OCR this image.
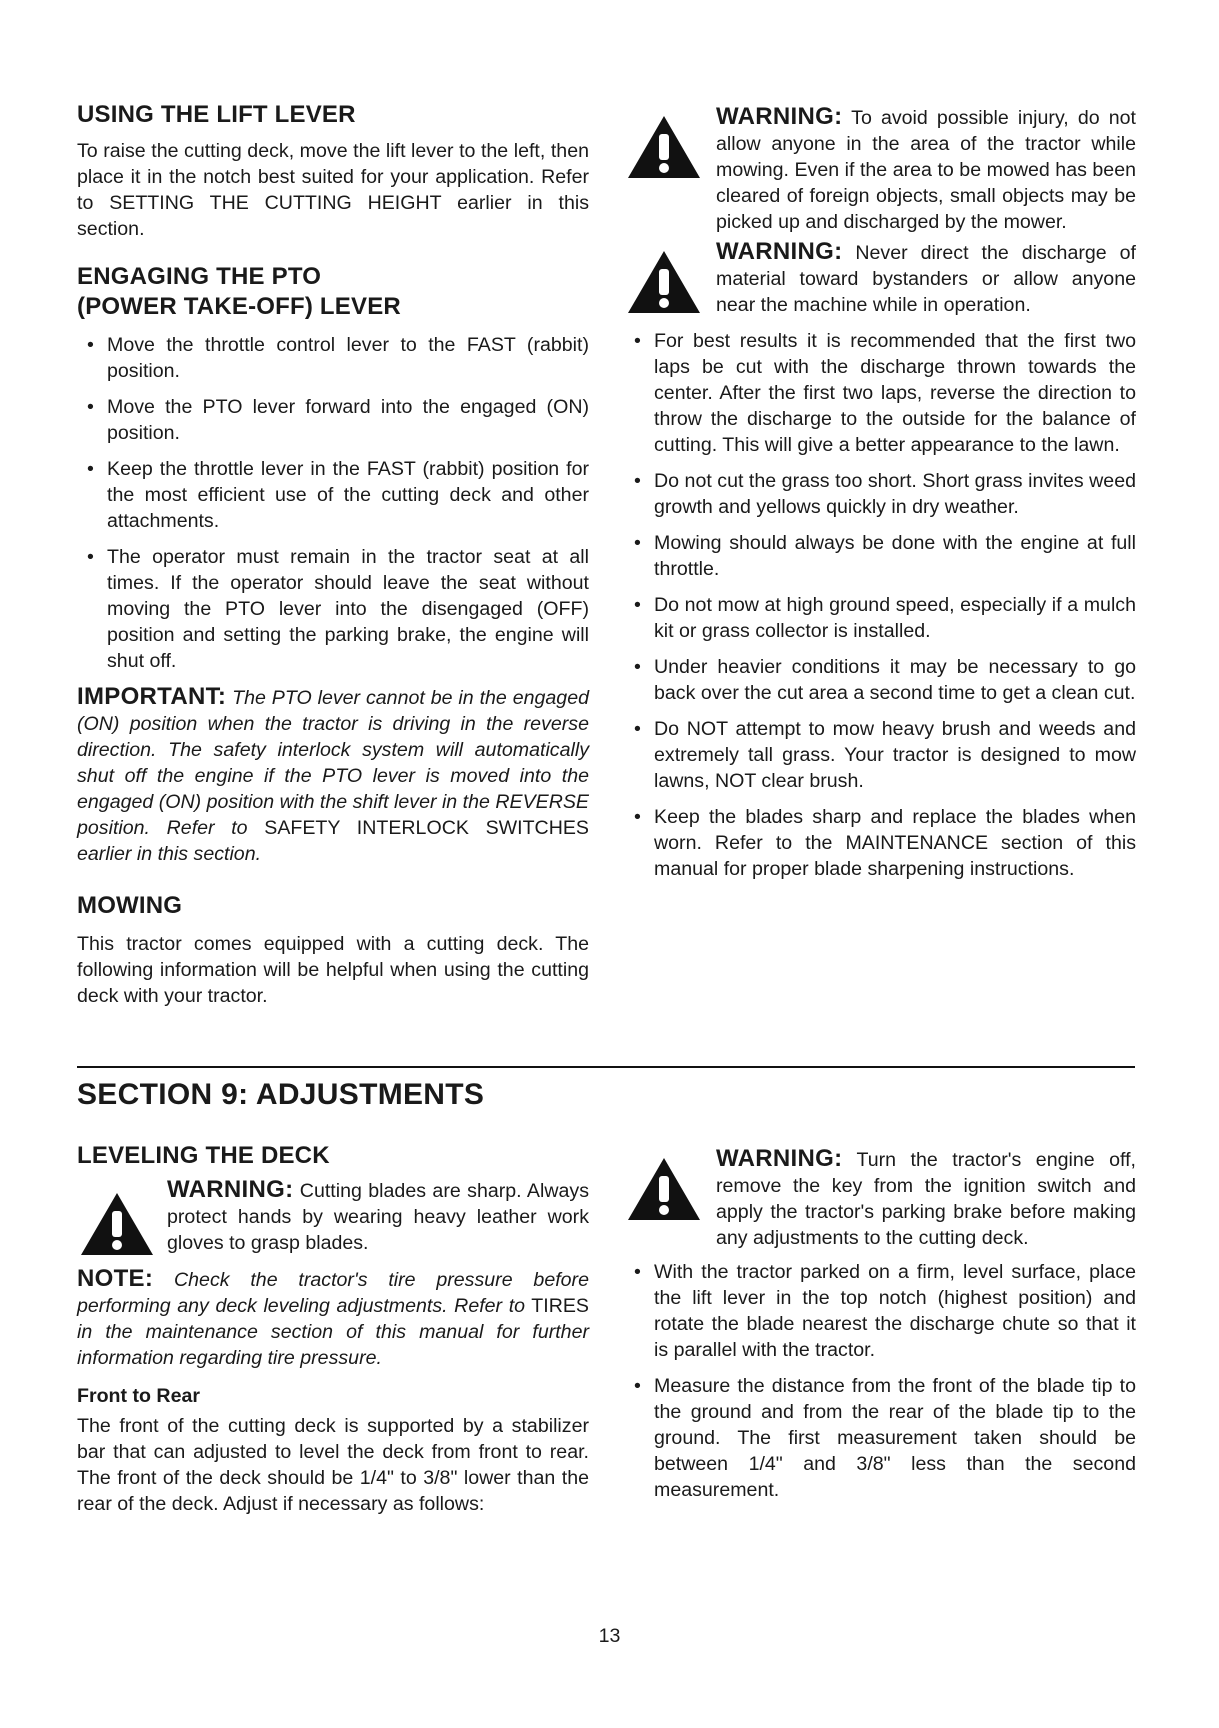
USING THE LIFT LEVER

To raise the cutting deck, move the lift lever to the left, then place it in the notch best suited for your application. Refer to SETTING THE CUTTING HEIGHT earlier in this section.

ENGAGING THE PTO
(POWER TAKE-OFF) LEVER
• Move the throttle control lever to the FAST (rabbit) position.
• Move the PTO lever forward into the engaged (ON) position.
• Keep the throttle lever in the FAST (rabbit) position for the most efficient use of the cutting deck and other attachments.
• The operator must remain in the tractor seat at all times. If the operator should leave the seat without moving the PTO lever into the disengaged (OFF) position and setting the parking brake, the engine will shut off.

IMPORTANT: The PTO lever cannot be in the engaged (ON) position when the tractor is driving in the reverse direction. The safety interlock system will automatically shut off the engine if the PTO lever is moved into the engaged (ON) position with the shift lever in the REVERSE position. Refer to SAFETY INTERLOCK SWITCHES earlier in this section.

MOWING

This tractor comes equipped with a cutting deck. The following information will be helpful when using the cutting deck with your tractor.

WARNING: To avoid possible injury, do not allow anyone in the area of the tractor while mowing. Even if the area to be mowed has been cleared of foreign objects, small objects may be picked up and discharged by the mower.
WARNING: Never direct the discharge of material toward bystanders or allow anyone near the machine while in operation.
• For best results it is recommended that the first two laps be cut with the discharge thrown towards the center. After the first two laps, reverse the direction to throw the discharge to the outside for the balance of cutting. This will give a better appearance to the lawn.
• Do not cut the grass too short. Short grass invites weed growth and yellows quickly in dry weather.
• Mowing should always be done with the engine at full throttle.
• Do not mow at high ground speed, especially if a mulch kit or grass collector is installed.
• Under heavier conditions it may be necessary to go back over the cut area a second time to get a clean cut.
• Do NOT attempt to mow heavy brush and weeds and extremely tall grass. Your tractor is designed to mow lawns, NOT clear brush.
• Keep the blades sharp and replace the blades when worn. Refer to the MAINTENANCE section of this manual for proper blade sharpening instructions.
SECTION 9: ADJUSTMENTS
LEVELING THE DECK
WARNING: Cutting blades are sharp. Always protect hands by wearing heavy leather work gloves to grasp blades.

NOTE: Check the tractor's tire pressure before performing any deck leveling adjustments. Refer to TIRES in the maintenance section of this manual for further information regarding tire pressure.

Front to Rear

The front of the cutting deck is supported by a stabilizer bar that can adjusted to level the deck from front to rear. The front of the deck should be 1/4" to 3/8" lower than the rear of the deck. Adjust if necessary as follows:

WARNING: Turn the tractor's engine off, remove the key from the ignition switch and apply the tractor's parking brake before making any adjustments to the cutting deck.
• With the tractor parked on a firm, level surface, place the lift lever in the top notch (highest position) and rotate the blade nearest the discharge chute so that it is parallel with the tractor.
• Measure the distance from the front of the blade tip to the ground and from the rear of the blade tip to the ground. The first measurement taken should be between 1/4" and 3/8" less than the second measurement.
13
